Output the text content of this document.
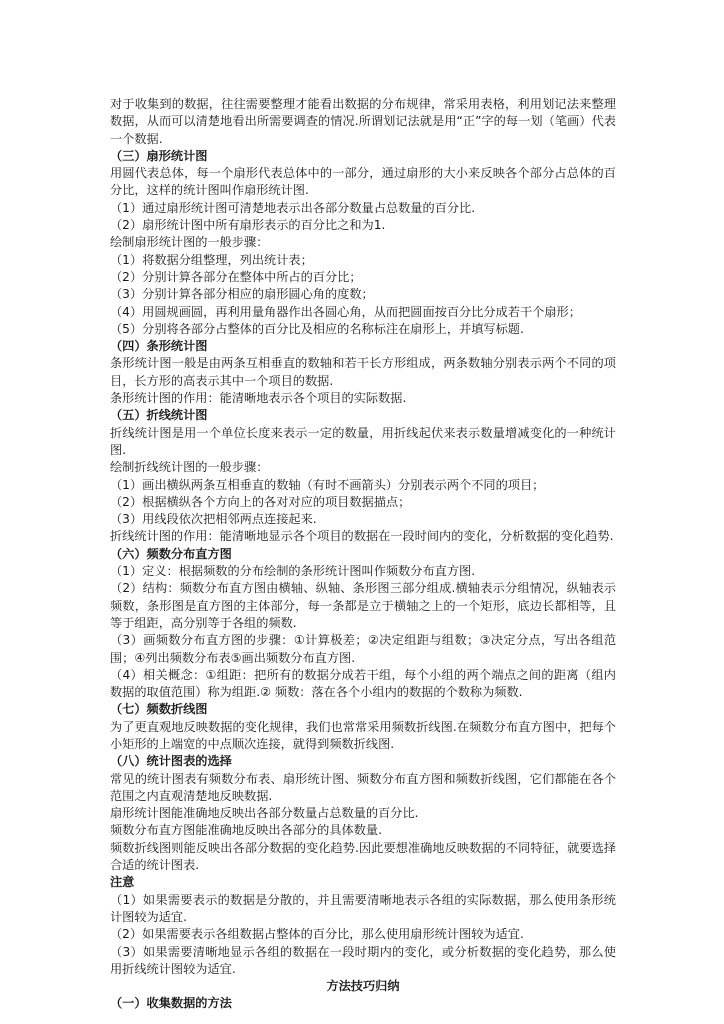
对于收集到的数据，往往需要整理才能看出数据的分布规律，常采用表格，利用划记法来整理数据，从而可以清楚地看出所需要调查的情况.所谓划记法就是用“正”字的每一划（笔画）代表一个数据.

（三）扇形统计图

用圆代表总体，每一个扇形代表总体中的一部分，通过扇形的大小来反映各个部分占总体的百分比，这样的统计图叫作扇形统计图.

（1）通过扇形统计图可清楚地表示出各部分数量占总数量的百分比.

（2）扇形统计图中所有扇形表示的百分比之和为1.

绘制扇形统计图的一般步骤：

（1）将数据分组整理，列出统计表；

（2）分别计算各部分在整体中所占的百分比；

（3）分别计算各部分相应的扇形圆心角的度数；

（4）用圆规画圆，再利用量角器作出各圆心角，从而把圆面按百分比分成若干个扇形；

（5）分别将各部分占整体的百分比及相应的名称标注在扇形上，并填写标题.

（四）条形统计图

条形统计图一般是由两条互相垂直的数轴和若干长方形组成，两条数轴分别表示两个不同的项目，长方形的高表示其中一个项目的数据.

条形统计图的作用：能清晰地表示各个项目的实际数据.

（五）折线统计图

折线统计图是用一个单位长度来表示一定的数量，用折线起伏来表示数量增减变化的一种统计图.

绘制折线统计图的一般步骤：

（1）画出横纵两条互相垂直的数轴（有时不画箭头）分别表示两个不同的项目；

（2）根据横纵各个方向上的各对对应的项目数据描点；

（3）用线段依次把相邻两点连接起来.

折线统计图的作用：能清晰地显示各个项目的数据在一段时间内的变化，分析数据的变化趋势.

（六）频数分布直方图

（1）定义：根据频数的分布绘制的条形统计图叫作频数分布直方图.

（2）结构：频数分布直方图由横轴、纵轴、条形图三部分组成.横轴表示分组情况，纵轴表示频数，条形图是直方图的主体部分，每一条都是立于横轴之上的一个矩形，底边长都相等，且等于组距，高分别等于各组的频数.

（3）画频数分布直方图的步骤：①计算极差；②决定组距与组数；③决定分点，写出各组范围；④列出频数分布表⑤画出频数分布直方图.

（4）相关概念：①组距：把所有的数据分成若干组，每个小组的两个端点之间的距离（组内数据的取值范围）称为组距.② 频数：落在各个小组内的数据的个数称为频数.

（七）频数折线图

为了更直观地反映数据的变化规律，我们也常常采用频数折线图.在频数分布直方图中，把每个小矩形的上端宽的中点顺次连接，就得到频数折线图.

（八）统计图表的选择

常见的统计图表有频数分布表、扇形统计图、频数分布直方图和频数折线图，它们都能在各个范围之内直观清楚地反映数据.

扇形统计图能准确地反映出各部分数量占总数量的百分比.

频数分布直方图能准确地反映出各部分的具体数量.

频数折线图则能反映出各部分数据的变化趋势.因此要想准确地反映数据的不同特征，就要选择合适的统计图表.

注意

（1）如果需要表示的数据是分散的，并且需要清晰地表示各组的实际数据，那么使用条形统计图较为适宜.

（2）如果需要表示各组数据占整体的百分比，那么使用扇形统计图较为适宜.

（3）如果需要清晰地显示各组的数据在一段时期内的变化，或分析数据的变化趋势，那么使用折线统计图较为适宜.

方法技巧归纳

（一）收集数据的方法
